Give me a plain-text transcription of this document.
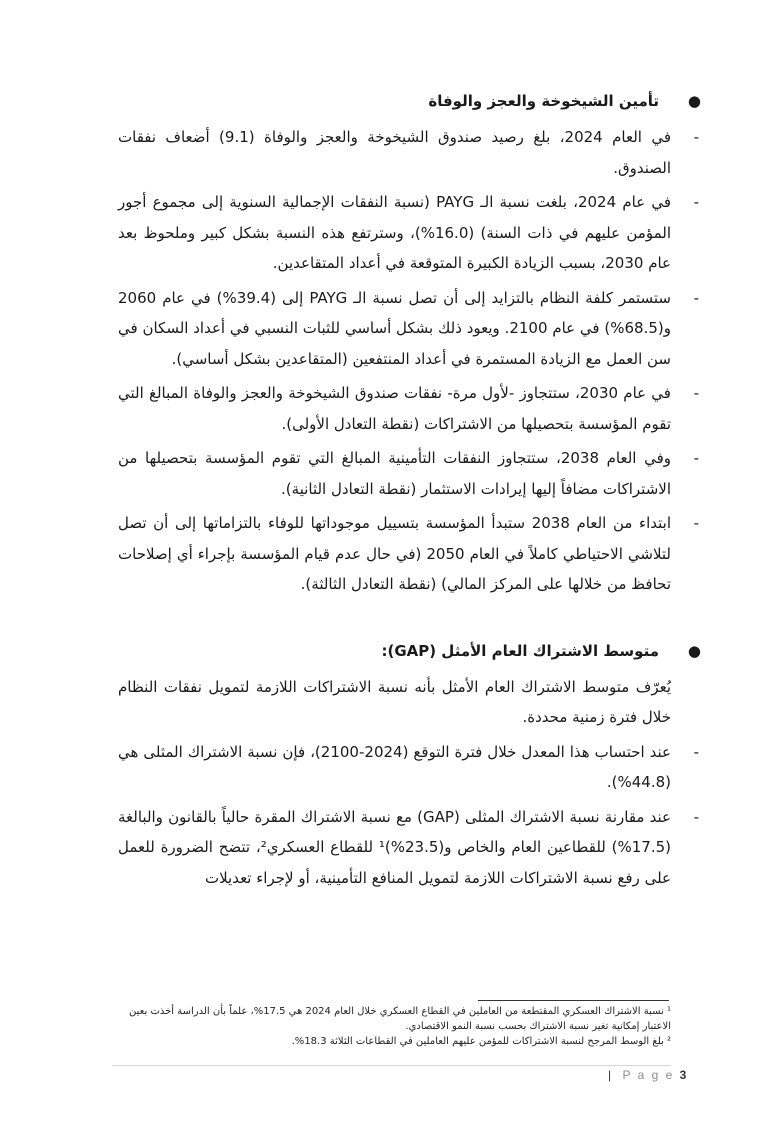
●
تأمين الشيخوخة والعجز والوفاة
-
في العام 2024، بلغ رصيد صندوق الشيخوخة والعجز والوفاة (9.1) أضعاف نفقات الصندوق.
-
في عام 2024، بلغت نسبة الـ PAYG (نسبة النفقات الإجمالية السنوية إلى مجموع أجور المؤمن عليهم في ذات السنة) (16.0%)، وسترتفع هذه النسبة بشكل كبير وملحوظ بعد عام 2030، بسبب الزيادة الكبيرة المتوقعة في أعداد المتقاعدين.
-
ستستمر كلفة النظام بالتزايد إلى أن تصل نسبة الـ PAYG إلى (39.4%) في عام 2060 و(68.5%) في عام 2100. ويعود ذلك بشكل أساسي للثبات النسبي في أعداد السكان في سن العمل مع الزيادة المستمرة في أعداد المنتفعين (المتقاعدين بشكل أساسي).
-
في عام 2030، ستتجاوز -لأول مرة- نفقات صندوق الشيخوخة والعجز والوفاة المبالغ التي تقوم المؤسسة بتحصيلها من الاشتراكات (نقطة التعادل الأولى).
-
وفي العام 2038، ستتجاوز النفقات التأمينية المبالغ التي تقوم المؤسسة بتحصيلها من الاشتراكات مضافاً إليها إيرادات الاستثمار (نقطة التعادل الثانية).
-
ابتداء من العام 2038 ستبدأ المؤسسة بتسييل موجوداتها للوفاء بالتزاماتها إلى أن تصل لتلاشي الاحتياطي كاملاً في العام 2050 (في حال عدم قيام المؤسسة بإجراء أي إصلاحات تحافظ من خلالها على المركز المالي) (نقطة التعادل الثالثة).
●
متوسط الاشتراك العام الأمثل (GAP):
يُعرّف متوسط الاشتراك العام الأمثل بأنه نسبة الاشتراكات اللازمة لتمويل نفقات النظام خلال فترة زمنية محددة.
-
عند احتساب هذا المعدل خلال فترة التوقع (2024-2100)، فإن نسبة الاشتراك المثلى هي (44.8%).
-
عند مقارنة نسبة الاشتراك المثلى (GAP) مع نسبة الاشتراك المقرة حالياً بالقانون والبالغة (17.5%) للقطاعين العام والخاص و(23.5%)¹ للقطاع العسكري²، تتضح الضرورة للعمل على رفع نسبة الاشتراكات اللازمة لتمويل المنافع التأمينية، أو لإجراء تعديلات

¹ نسبة الاشتراك العسكري المقتطعة من العاملين في القطاع العسكري خلال العام 2024 هي 17.5%، علماً بأن الدراسة أخذت بعين الاعتبار إمكانية تغير نسبة الاشتراك بحسب نسبة النمو الاقتصادي.

² بلغ الوسط المرجح لنسبة الاشتراكات للمؤمن عليهم العاملين في القطاعات الثلاثة 18.3%.

| P a g e 3
